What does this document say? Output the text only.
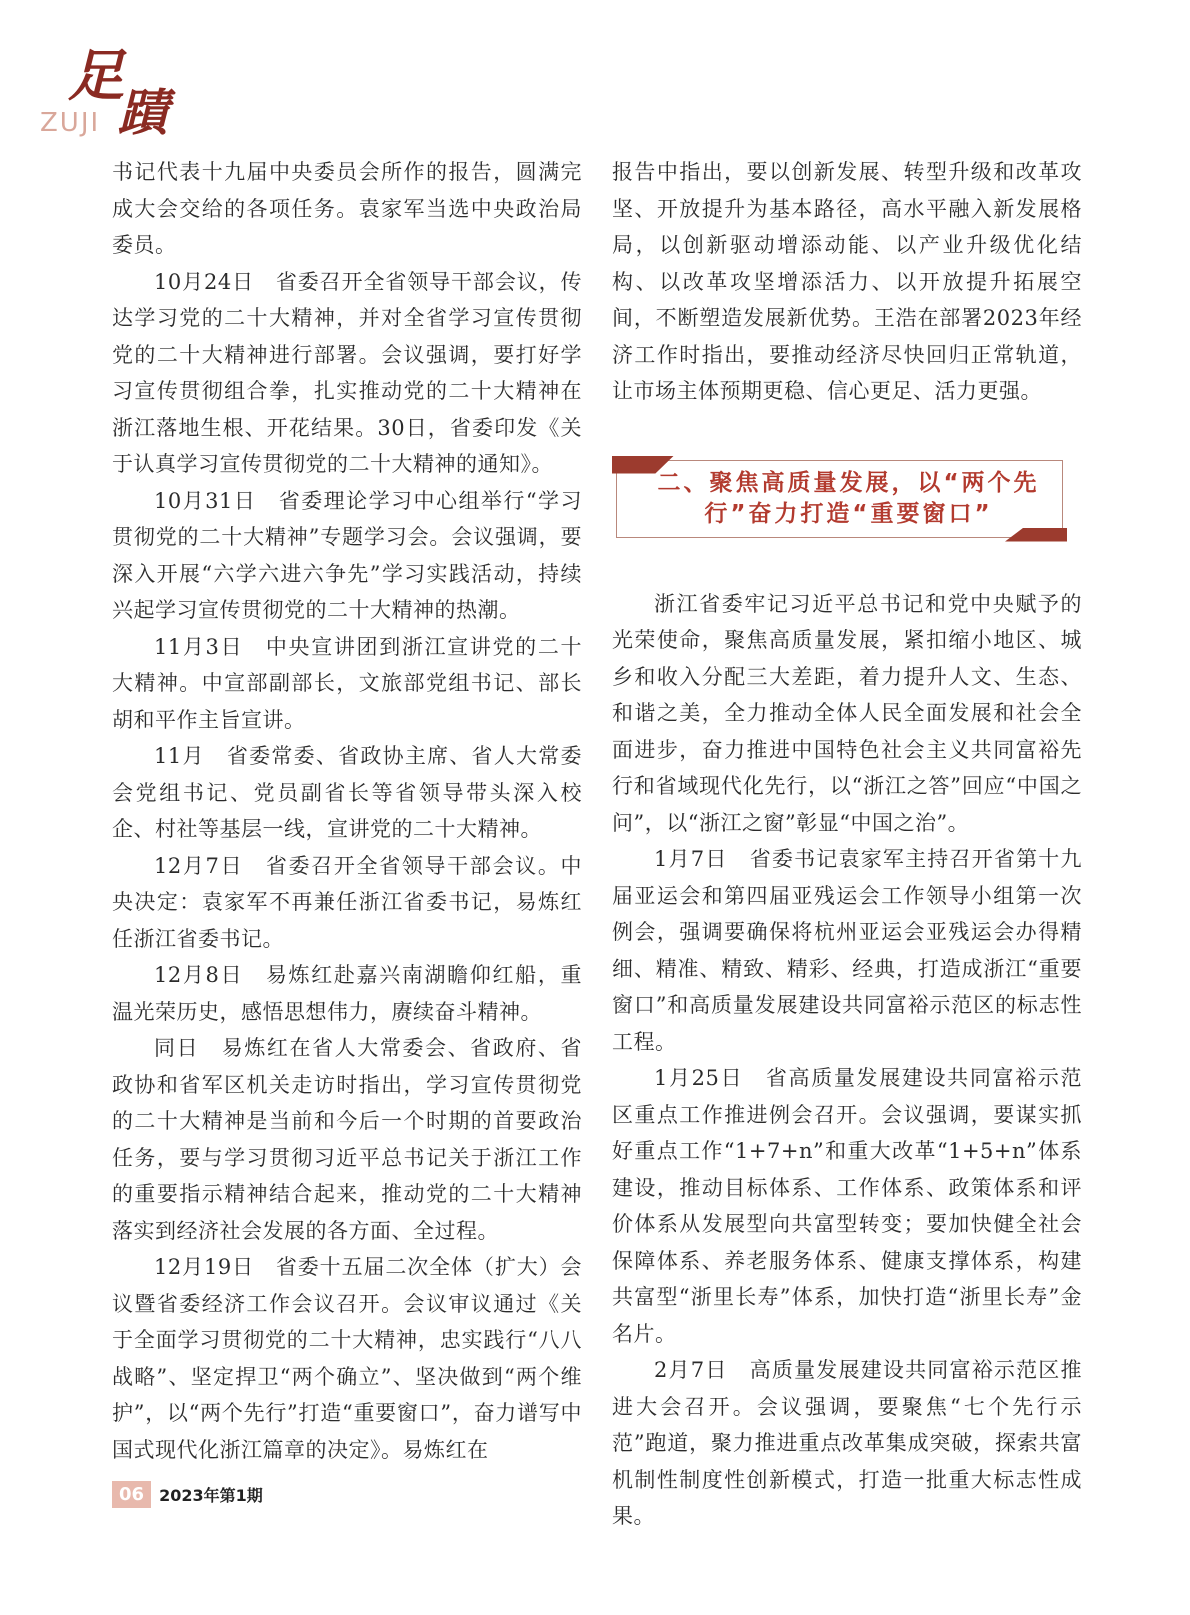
足
蹟
ZUJI

书记代表十九届中央委员会所作的报告，圆满完成大会交给的各项任务。袁家军当选中央政治局委员。

10月24日　省委召开全省领导干部会议，传达学习党的二十大精神，并对全省学习宣传贯彻党的二十大精神进行部署。会议强调，要打好学习宣传贯彻组合拳，扎实推动党的二十大精神在浙江落地生根、开花结果。30日，省委印发《关于认真学习宣传贯彻党的二十大精神的通知》。

10月31日　省委理论学习中心组举行“学习贯彻党的二十大精神”专题学习会。会议强调，要深入开展“六学六进六争先”学习实践活动，持续兴起学习宣传贯彻党的二十大精神的热潮。

11月3日　中央宣讲团到浙江宣讲党的二十大精神。中宣部副部长，文旅部党组书记、部长胡和平作主旨宣讲。

11月　省委常委、省政协主席、省人大常委会党组书记、党员副省长等省领导带头深入校企、村社等基层一线，宣讲党的二十大精神。

12月7日　省委召开全省领导干部会议。中央决定：袁家军不再兼任浙江省委书记，易炼红任浙江省委书记。

12月8日　易炼红赴嘉兴南湖瞻仰红船，重温光荣历史，感悟思想伟力，赓续奋斗精神。

同日　易炼红在省人大常委会、省政府、省政协和省军区机关走访时指出，学习宣传贯彻党的二十大精神是当前和今后一个时期的首要政治任务，要与学习贯彻习近平总书记关于浙江工作的重要指示精神结合起来，推动党的二十大精神落实到经济社会发展的各方面、全过程。

12月19日　省委十五届二次全体（扩大）会议暨省委经济工作会议召开。会议审议通过《关于全面学习贯彻党的二十大精神，忠实践行“八八战略”、坚定捍卫“两个确立”、坚决做到“两个维护”，以“两个先行”打造“重要窗口”，奋力谱写中国式现代化浙江篇章的决定》。易炼红在

报告中指出，要以创新发展、转型升级和改革攻坚、开放提升为基本路径，高水平融入新发展格局，以创新驱动增添动能、以产业升级优化结构、以改革攻坚增添活力、以开放提升拓展空间，不断塑造发展新优势。王浩在部署2023年经济工作时指出，要推动经济尽快回归正常轨道，让市场主体预期更稳、信心更足、活力更强。

二、聚焦高质量发展，以“两个先行”奋力打造“重要窗口”

浙江省委牢记习近平总书记和党中央赋予的光荣使命，聚焦高质量发展，紧扣缩小地区、城乡和收入分配三大差距，着力提升人文、生态、和谐之美，全力推动全体人民全面发展和社会全面进步，奋力推进中国特色社会主义共同富裕先行和省域现代化先行，以“浙江之答”回应“中国之问”，以“浙江之窗”彰显“中国之治”。

1月7日　省委书记袁家军主持召开省第十九届亚运会和第四届亚残运会工作领导小组第一次例会，强调要确保将杭州亚运会亚残运会办得精细、精准、精致、精彩、经典，打造成浙江“重要窗口”和高质量发展建设共同富裕示范区的标志性工程。

1月25日　省高质量发展建设共同富裕示范区重点工作推进例会召开。会议强调，要谋实抓好重点工作“1+7+n”和重大改革“1+5+n”体系建设，推动目标体系、工作体系、政策体系和评价体系从发展型向共富型转变；要加快健全社会保障体系、养老服务体系、健康支撑体系，构建共富型“浙里长寿”体系，加快打造“浙里长寿”金名片。

2月7日　高质量发展建设共同富裕示范区推进大会召开。会议强调，要聚焦“七个先行示范”跑道，聚力推进重点改革集成突破，探索共富机制性制度性创新模式，打造一批重大标志性成果。

06 2023年第1期
